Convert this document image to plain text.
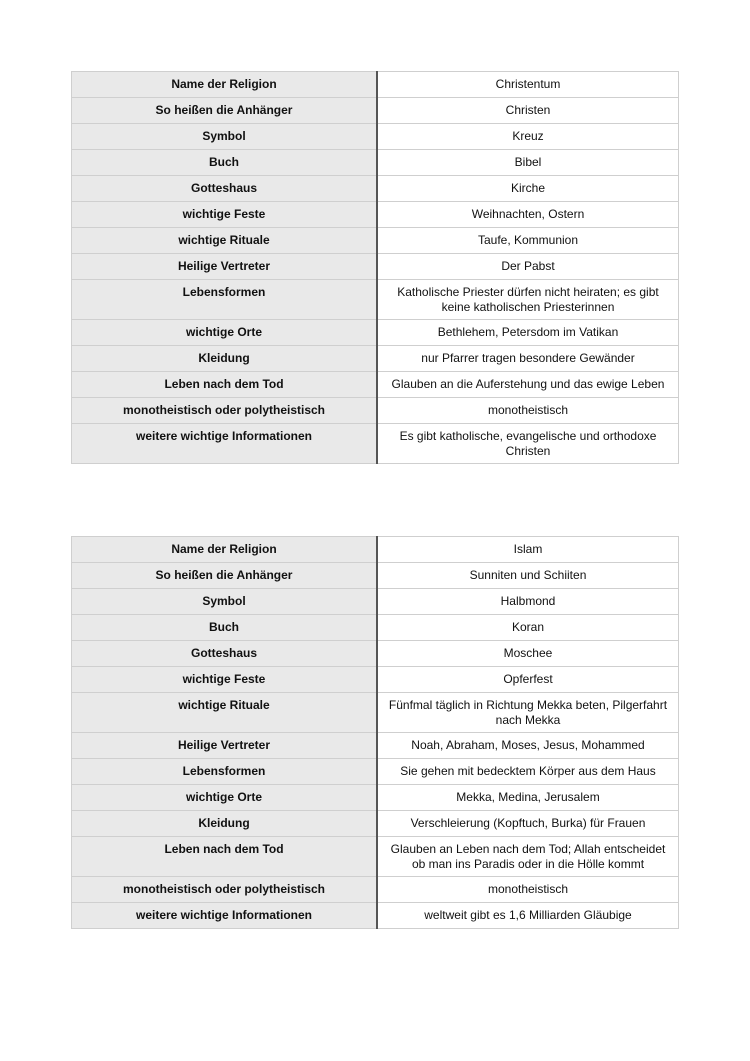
Name der Religion	Christentum
So heißen die Anhänger	Christen
Symbol	Kreuz
Buch	Bibel
Gotteshaus	Kirche
wichtige Feste	Weihnachten, Ostern
wichtige Rituale	Taufe, Kommunion
Heilige Vertreter	Der Pabst
Lebensformen	Katholische Priester dürfen nicht heiraten; es gibt keine katholischen Priesterinnen
wichtige Orte	Bethlehem, Petersdom im Vatikan
Kleidung	nur Pfarrer tragen besondere Gewänder
Leben nach dem Tod	Glauben an die Auferstehung und das ewige Leben
monotheistisch oder polytheistisch	monotheistisch
weitere wichtige Informationen	Es gibt katholische, evangelische und orthodoxe Christen
Name der Religion	Islam
So heißen die Anhänger	Sunniten und Schiiten
Symbol	Halbmond
Buch	Koran
Gotteshaus	Moschee
wichtige Feste	Opferfest
wichtige Rituale	Fünfmal täglich in Richtung Mekka beten, Pilgerfahrt nach Mekka
Heilige Vertreter	Noah, Abraham, Moses, Jesus, Mohammed
Lebensformen	Sie gehen mit bedecktem Körper aus dem Haus
wichtige Orte	Mekka, Medina, Jerusalem
Kleidung	Verschleierung (Kopftuch, Burka) für Frauen
Leben nach dem Tod	Glauben an Leben nach dem Tod; Allah entscheidet ob man ins Paradis oder in die Hölle kommt
monotheistisch oder polytheistisch	monotheistisch
weitere wichtige Informationen	weltweit gibt es 1,6 Milliarden Gläubige
